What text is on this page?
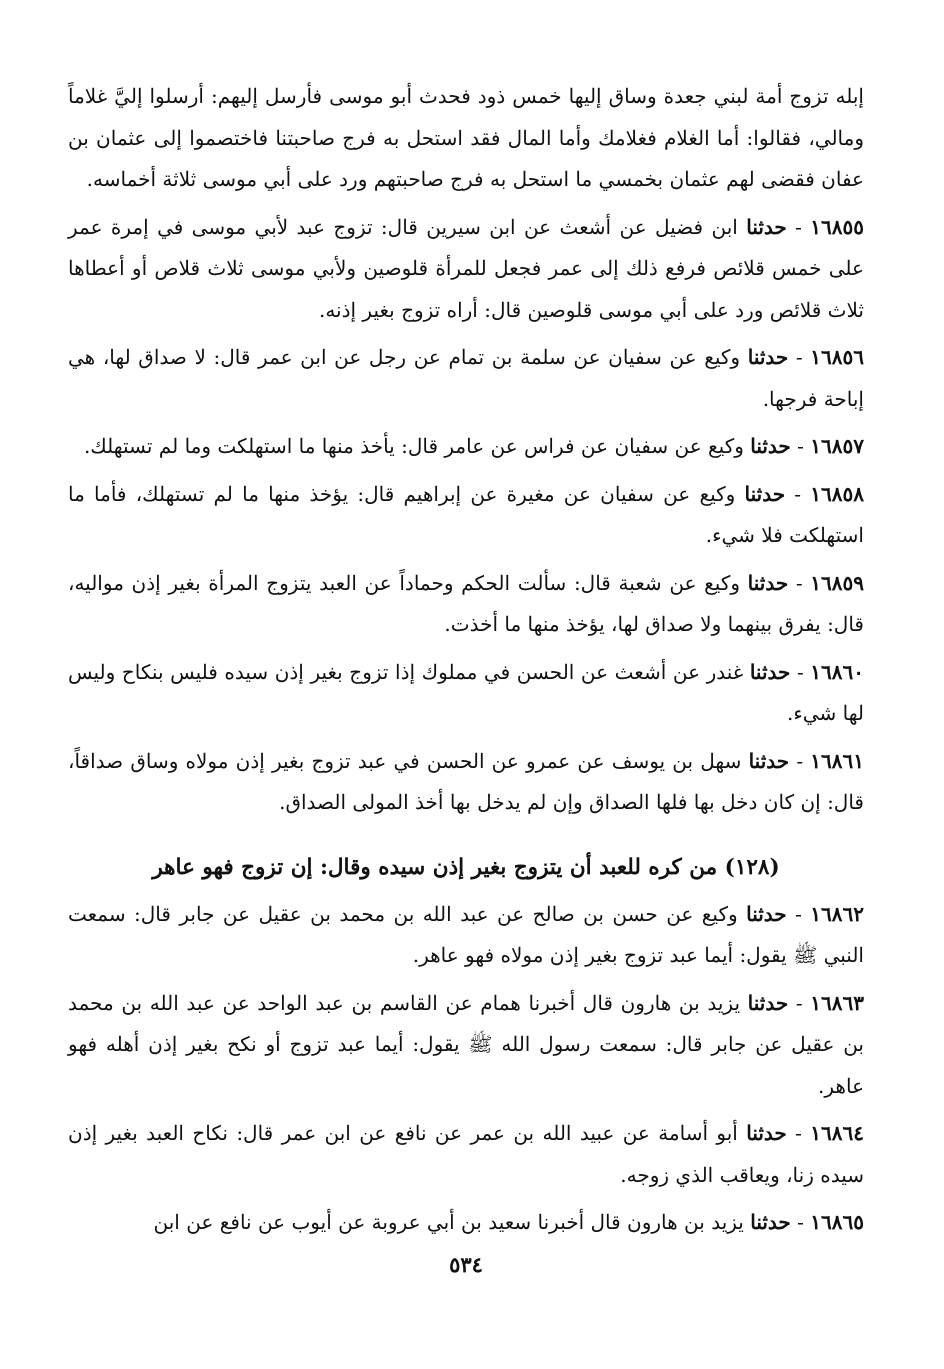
إبله تزوج أمة لبني جعدة وساق إليها خمس ذود فحدث أبو موسى فأرسل إليهم: أرسلوا إليَّ غلاماً ومالي، فقالوا: أما الغلام فغلامك وأما المال فقد استحل به فرج صاحبتنا فاختصموا إلى عثمان بن عفان فقضى لهم عثمان بخمسي ما استحل به فرج صاحبتهم ورد على أبي موسى ثلاثة أخماسه.

١٦٨٥٥ - حدثنا ابن فضيل عن أشعث عن ابن سيرين قال: تزوج عبد لأبي موسى في إمرة عمر على خمس قلائص فرفع ذلك إلى عمر فجعل للمرأة قلوصين ولأبي موسى ثلاث قلاص أو أعطاها ثلاث قلائص ورد على أبي موسى قلوصين قال: أراه تزوج بغير إذنه.

١٦٨٥٦ - حدثنا وكيع عن سفيان عن سلمة بن تمام عن رجل عن ابن عمر قال: لا صداق لها، هي إباحة فرجها.

١٦٨٥٧ - حدثنا وكيع عن سفيان عن فراس عن عامر قال: يأخذ منها ما استهلكت وما لم تستهلك.

١٦٨٥٨ - حدثنا وكيع عن سفيان عن مغيرة عن إبراهيم قال: يؤخذ منها ما لم تستهلك، فأما ما استهلكت فلا شيء.

١٦٨٥٩ - حدثنا وكيع عن شعبة قال: سألت الحكم وحماداً عن العبد يتزوج المرأة بغير إذن مواليه، قال: يفرق بينهما ولا صداق لها، يؤخذ منها ما أخذت.

١٦٨٦٠ - حدثنا غندر عن أشعث عن الحسن في مملوك إذا تزوج بغير إذن سيده فليس بنكاح وليس لها شيء.

١٦٨٦١ - حدثنا سهل بن يوسف عن عمرو عن الحسن في عبد تزوج بغير إذن مولاه وساق صداقاً، قال: إن كان دخل بها فلها الصداق وإن لم يدخل بها أخذ المولى الصداق.

(١٢٨) من كره للعبد أن يتزوج بغير إذن سيده وقال: إن تزوج فهو عاهر

١٦٨٦٢ - حدثنا وكيع عن حسن بن صالح عن عبد الله بن محمد بن عقيل عن جابر قال: سمعت النبي ﷺ يقول: أيما عبد تزوج بغير إذن مولاه فهو عاهر.

١٦٨٦٣ - حدثنا يزيد بن هارون قال أخبرنا همام عن القاسم بن عبد الواحد عن عبد الله بن محمد بن عقيل عن جابر قال: سمعت رسول الله ﷺ يقول: أيما عبد تزوج أو نكح بغير إذن أهله فهو عاهر.

١٦٨٦٤ - حدثنا أبو أسامة عن عبيد الله بن عمر عن نافع عن ابن عمر قال: نكاح العبد بغير إذن سيده زنا، ويعاقب الذي زوجه.

١٦٨٦٥ - حدثنا يزيد بن هارون قال أخبرنا سعيد بن أبي عروبة عن أيوب عن نافع عن ابن

٥٣٤
